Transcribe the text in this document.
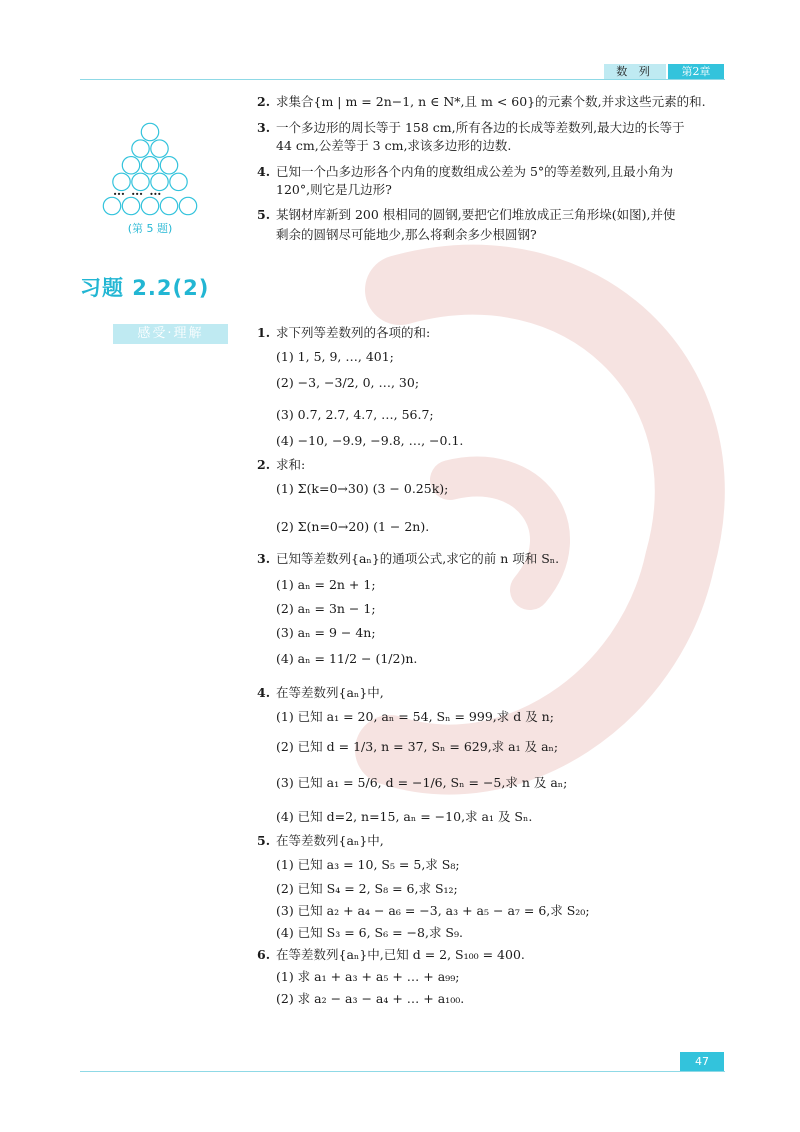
数 列	第2章
… … …
(第 5 题)
2. 求集合{m | m = 2n−1, n ∈ N*,且 m < 60}的元素个数,并求这些元素的和.
3. 一个多边形的周长等于 158 cm,所有各边的长成等差数列,最大边的长等于
44 cm,公差等于 3 cm,求该多边形的边数.
4. 已知一个凸多边形各个内角的度数组成公差为 5°的等差数列,且最小角为
120°,则它是几边形?
5. 某钢材库新到 200 根相同的圆钢,要把它们堆放成正三角形垛(如图),并使
剩余的圆钢尽可能地少,那么将剩余多少根圆钢?
习题 2.2(2)
感受·理解	1. 求下列等差数列的各项的和:
(1) 1, 5, 9, …, 401;
(2) −3, −3/2, 0, …, 30;
(3) 0.7, 2.7, 4.7, …, 56.7;
(4) −10, −9.9, −9.8, …, −0.1.
2. 求和:
(1) Σ(k=0→30) (3 − 0.25k);
(2) Σ(n=0→20) (1 − 2n).
3. 已知等差数列{aₙ}的通项公式,求它的前 n 项和 Sₙ.
(1) aₙ = 2n + 1;
(2) aₙ = 3n − 1;
(3) aₙ = 9 − 4n;
(4) aₙ = 11/2 − (1/2)n.
4. 在等差数列{aₙ}中,
(1) 已知 a₁ = 20, aₙ = 54, Sₙ = 999,求 d 及 n;
(2) 已知 d = 1/3, n = 37, Sₙ = 629,求 a₁ 及 aₙ;
(3) 已知 a₁ = 5/6, d = −1/6, Sₙ = −5,求 n 及 aₙ;
(4) 已知 d=2, n=15, aₙ = −10,求 a₁ 及 Sₙ.
5. 在等差数列{aₙ}中,
(1) 已知 a₃ = 10, S₅ = 5,求 S₈;
(2) 已知 S₄ = 2, S₈ = 6,求 S₁₂;
(3) 已知 a₂ + a₄ − a₆ = −3, a₃ + a₅ − a₇ = 6,求 S₂₀;
(4) 已知 S₃ = 6, S₆ = −8,求 S₉.
6. 在等差数列{aₙ}中,已知 d = 2, S₁₀₀ = 400.
(1) 求 a₁ + a₃ + a₅ + … + a₉₉;
(2) 求 a₂ − a₃ − a₄ + … + a₁₀₀.
47
